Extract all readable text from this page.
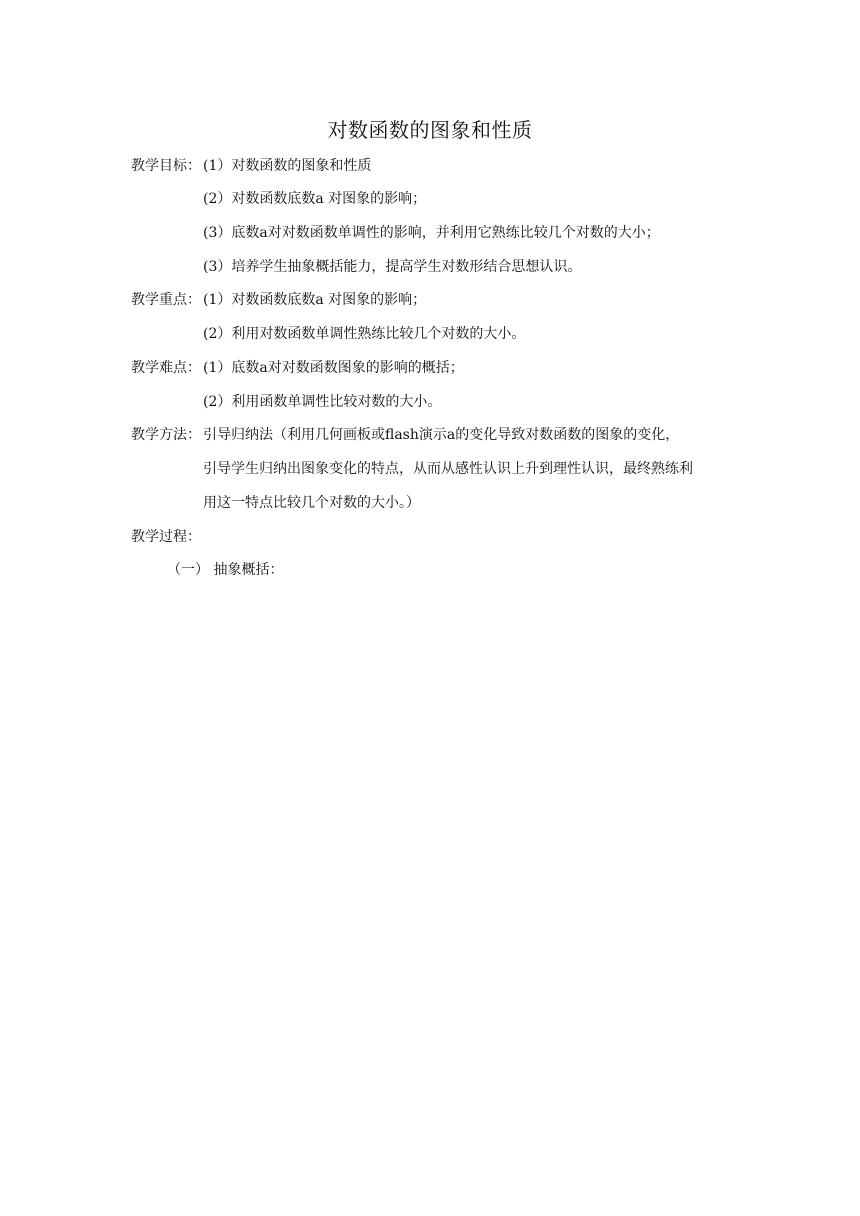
对数函数的图象和性质
教学目标： (1）对数函数的图象和性质
(2）对数函数底数a 对图象的影响；
(3）底数a对对数函数单调性的影响，并利用它熟练比较几个对数的大小；
(3）培养学生抽象概括能力，提高学生对数形结合思想认识。
教学重点： (1）对数函数底数a 对图象的影响；
(2）利用对数函数单调性熟练比较几个对数的大小。
教学难点： (1）底数a对对数函数图象的影响的概括；
(2）利用函数单调性比较对数的大小。
教学方法： 引导归纳法（利用几何画板或flash演示a的变化导致对数函数的图象的变化，
引导学生归纳出图象变化的特点，从而从感性认识上升到理性认识，最终熟练利
用这一特点比较几个对数的大小。）
教学过程：
（一） 抽象概括：
